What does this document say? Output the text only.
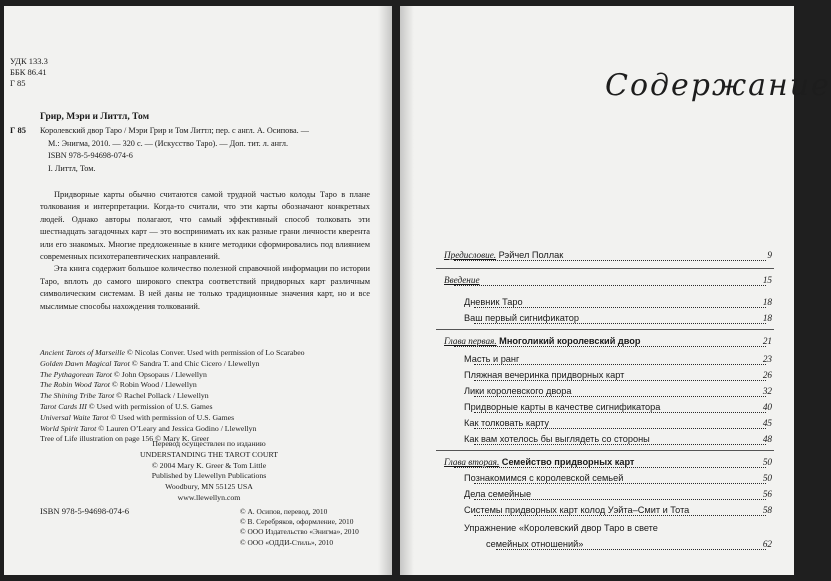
УДК 133.3
ББК 86.41
Г 85
Грир, Мэри и Литтл, Том
Г 85 Королевский двор Таро / Мэри Грир и Том Литтл; пер. с англ. А. Осипова. —
М.: Энигма, 2010. — 320 с. — (Искусство Таро). — Доп. тит. л. англ.
ISBN 978-5-94698-074-6
I. Литтл, Том.

Придворные карты обычно считаются самой трудной частью колоды Таро в плане толкования и интерпретации. Когда-то считали, что эти карты обозначают конкретных людей. Однако авторы полагают, что самый эффективный способ толковать эти шестнадцать загадочных карт — это воспринимать их как разные грани личности кверента или его знакомых. Многие предложенные в книге методики сформировались под влиянием современных психотерапевтических направлений.

Эта книга содержит большое количество полезной справочной информации по истории Таро, вплоть до самого широкого спектра соответствий придворных карт различным символическим системам. В ней даны не только традиционные значения карт, но и все мыслимые способы нахождения толкований.

Ancient Tarots of Marseille © Nicolas Conver. Used with permission of Lo Scarabeo
Golden Dawn Magical Tarot © Sandra T. and Chic Cicero / Llewellyn
The Pythagorean Tarot © John Opsopaus / Llewellyn
The Robin Wood Tarot © Robin Wood / Llewellyn
The Shining Tribe Tarot © Rachel Pollack / Llewellyn
Tarot Cards III © Used with permission of U.S. Games
Universal Waite Tarot © Used with permission of U.S. Games
World Spirit Tarot © Lauren O’Leary and Jessica Godino / Llewellyn
Tree of Life illustration on page 156 © Mary K. Greer
Перевод осуществлен по изданию
UNDERSTANDING THE TAROT COURT
© 2004 Mary K. Greer & Tom Little
Published by Llewellyn Publications
Woodbury, MN 55125 USA
www.llewellyn.com
ISBN 978-5-94698-074-6	© А. Осипов, перевод, 2010
© В. Серебряков, оформление, 2010
© ООО Издательство «Энигма», 2010
© ООО «ОДДИ-Стиль», 2010
Содержание
Предисловие. Рэйчел Поллак	9
Введение	15
Дневник Таро	18
Ваш первый сигнификатор	18
Глава первая. Многоликий королевский двор	21
Масть и ранг	23
Пляжная вечеринка придворных карт	26
Лики королевского двора	32
Придворные карты в качестве сигнификатора	40
Как толковать карту	45
Как вам хотелось бы выглядеть со стороны	48
Глава вторая. Семейство придворных карт	50
Познакомимся с королевской семьей	50
Дела семейные	56
Системы придворных карт колод Уэйта–Смит и Тота	58
Упражнение «Королевский двор Таро в свете
семейных отношений»	62
